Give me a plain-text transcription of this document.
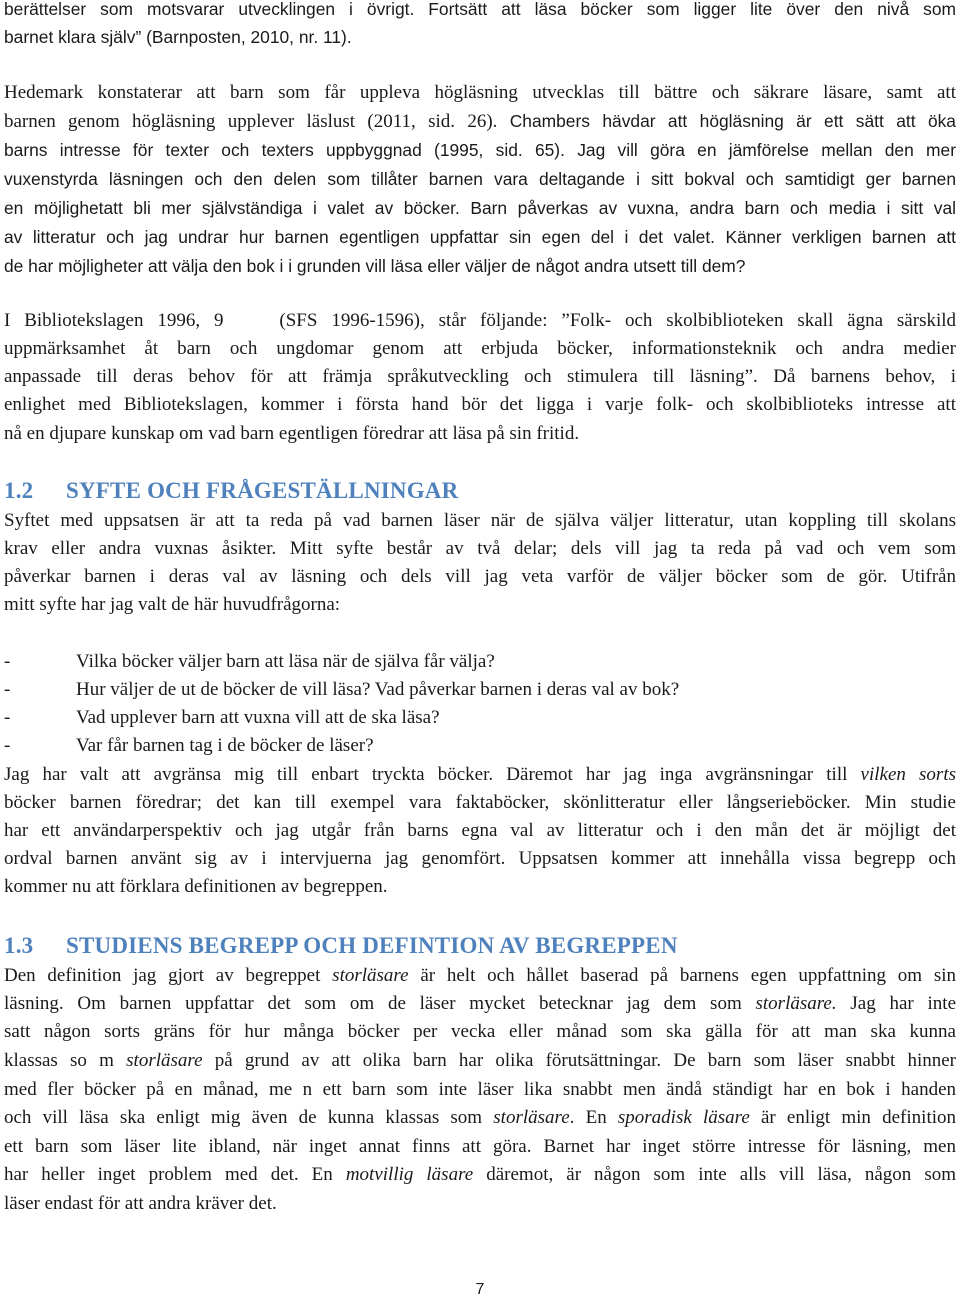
berättelser som motsvarar utvecklingen i övrigt. Fortsätt att läsa böcker som ligger lite över den nivå som
barnet klara själv” (Barnposten, 2010, nr. 11).
Hedemark konstaterar att barn som får uppleva högläsning utvecklas till bättre och säkrare läsare, samt att
barnen genom högläsning upplever läslust (2011, sid. 26). Chambers hävdar att högläsning är ett sätt att öka
barns intresse för texter och texters uppbyggnad (1995, sid. 65). Jag vill göra en jämförelse mellan den mer
vuxenstyrda läsningen och den delen som tillåter barnen vara deltagande i sitt bokval och samtidigt ger barnen
en möjlighetatt bli mer självständiga i valet av böcker. Barn påverkas av vuxna, andra barn och media i sitt val
av litteratur och jag undrar hur barnen egentligen uppfattar sin egen del i det valet. Känner verkligen barnen att
de har möjligheter att välja den bok i i grunden vill läsa eller väljer de något andra utsett till dem?
I Bibliotekslagen 1996, 9	(SFS 1996-1596), står följande: ”Folk- och skolbiblioteken skall ägna särskild
uppmärksamhet åt barn och ungdomar genom att erbjuda böcker, informationsteknik och andra medier
anpassade till deras behov för att främja språkutveckling och stimulera till läsning”. Då barnens behov, i
enlighet med Bibliotekslagen, kommer i första hand bör det ligga i varje folk- och skolbiblioteks intresse att
nå en djupare kunskap om vad barn egentligen föredrar att läsa på sin fritid.
1.2 SYFTE OCH FRÅGESTÄLLNINGAR
Syftet med uppsatsen är att ta reda på vad barnen läser när de själva väljer litteratur, utan koppling till skolans
krav eller andra vuxnas åsikter. Mitt syfte består av två delar; dels vill jag ta reda på vad och vem som
påverkar barnen i deras val av läsning och dels vill jag veta varför de väljer böcker som de gör. Utifrån
mitt syfte har jag valt de här huvudfrågorna:
-	Vilka böcker väljer barn att läsa när de själva får välja?
-	Hur väljer de ut de böcker de vill läsa? Vad påverkar barnen i deras val av bok?
-	Vad upplever barn att vuxna vill att de ska läsa?
-	Var får barnen tag i de böcker de läser?
Jag har valt att avgränsa mig till enbart tryckta böcker. Däremot har jag inga avgränsningar till vilken sorts
böcker barnen föredrar; det kan till exempel vara faktaböcker, skönlitteratur eller långserieböcker. Min studie
har ett användarperspektiv och jag utgår från barns egna val av litteratur och i den mån det är möjligt det
ordval barnen använt sig av i intervjuerna jag genomfört. Uppsatsen kommer att innehålla vissa begrepp och
kommer nu att förklara definitionen av begreppen.
1.3 STUDIENS BEGREPP OCH DEFINTION AV BEGREPPEN
Den definition jag gjort av begreppet storläsare är helt och hållet baserad på barnens egen uppfattning om sin
läsning. Om barnen uppfattar det som om de läser mycket betecknar jag dem som storläsare. Jag har inte
satt någon sorts gräns för hur många böcker per vecka eller månad som ska gälla för att man ska kunna
klassas so m storläsare på grund av att olika barn har olika förutsättningar. De barn som läser snabbt hinner
med fler böcker på en månad, me n ett barn som inte läser lika snabbt men ändå ständigt har en bok i handen
och vill läsa ska enligt mig även de kunna klassas som storläsare. En sporadisk läsare är enligt min definition
ett barn som läser lite ibland, när inget annat finns att göra. Barnet har inget större intresse för läsning, men
har heller inget problem med det. En motvillig läsare däremot, är någon som inte alls vill läsa, någon som
läser endast för att andra kräver det.
7
